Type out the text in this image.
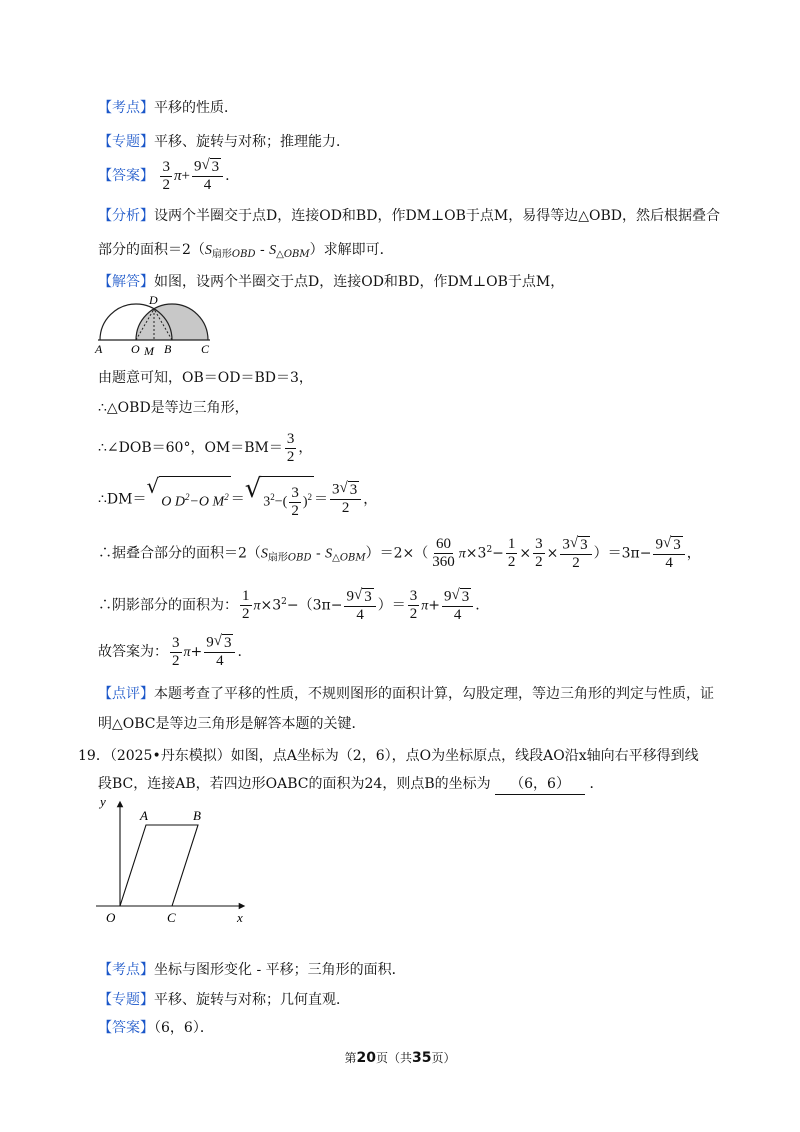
【考点】平移的性质．
【专题】平移、旋转与对称；推理能力．
【答案】 $\frac{3}{2} \pi+ \frac{9 √ 3}{4}$ .
【分析】设两个半圈交于点D，连接OD和BD，作DM⊥OB于点M，易得等边△OBD，然后根据叠合
部分的面积$=2(S_{扇形OBD} - S_{\triangle OBM})$求解即可．
【解答】如图，设两个半圈交于点D，连接OD和BD，作DM⊥OB于点M，
A O M B C
D
由题意可知，OB＝OD＝BD＝3，
∴△OBD是等边三角形，
∴∠DOB＝60°，$OM=BM= \frac{3}{2}$ ，
∴DM＝
√
O $D^2-O$ $M^2$ ＝ √ $3^2-( \frac{3}{2} )^2 = \frac{3 √ 3}{2}$ ，
∴据叠合部分的面积$=2(S_{扇形OBD} - S_{\triangle OBM})=2\times( \frac{60}{360} \pi\times 3^2- \frac{1}{2} \times \frac{3}{2} \times \frac{3 √ 3}{2} )=3\pi- \frac{9 √ 3}{4}$ ，
∴阴影部分的面积为： $\frac{1}{2} \pi\times 3^2-(3\pi- \frac{9 √ 3}{4}$ ）＝ $\frac{3}{2} \pi+ \frac{9 √ 3}{4}$ .
故答案为： $\frac{3}{2} \pi+ \frac{9 √ 3}{4}$ .
【点评】本题考查了平移的性质，不规则图形的面积计算，勾股定理，等边三角形的判定与性质，证
明△OBC是等边三角形是解答本题的关键．
19．（2025•丹东模拟）如图，点A坐标为（2，6），点O为坐标原点，线段AO沿x轴向右平移得到线
段BC，连接AB，若四边形OABC的面积为24，则点B的坐标为 （6，6） ．
y
A	B
O	C	x
【考点】坐标与图形变化 - 平移；三角形的面积．
【专题】平移、旋转与对称；几何直观．
【答案】（6，6）．
第20页（共35页）
